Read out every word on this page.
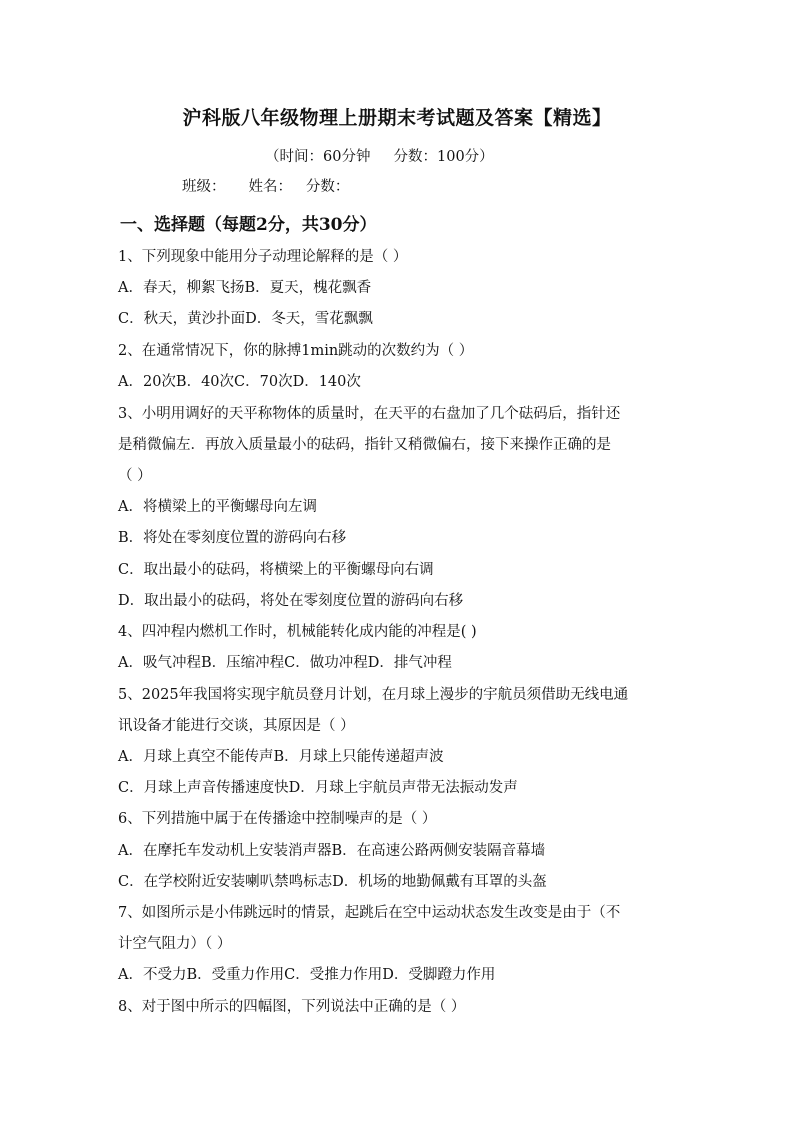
沪科版八年级物理上册期末考试题及答案【精选】
（时间：60分钟     分数：100分）
班级：     姓名：   分数：
一、选择题（每题2分，共30分）
1、下列现象中能用分子动理论解释的是（ ）
A．春天，柳絮飞扬B．夏天，槐花飘香
C．秋天，黄沙扑面D．冬天，雪花飘飘
2、在通常情况下，你的脉搏1min跳动的次数约为（ ）
A．20次B．40次C．70次D．140次
3、小明用调好的天平称物体的质量时，在天平的右盘加了几个砝码后，指针还
是稍微偏左．再放入质量最小的砝码，指针又稍微偏右，接下来操作正确的是
（ ）
A．将横梁上的平衡螺母向左调
B．将处在零刻度位置的游码向右移
C．取出最小的砝码，将横梁上的平衡螺母向右调
D．取出最小的砝码，将处在零刻度位置的游码向右移
4、四冲程内燃机工作时，机械能转化成内能的冲程是( )
A．吸气冲程B．压缩冲程C．做功冲程D．排气冲程
5、2025年我国将实现宇航员登月计划，在月球上漫步的宇航员须借助无线电通
讯设备才能进行交谈，其原因是（ ）
A．月球上真空不能传声B．月球上只能传递超声波
C．月球上声音传播速度快D．月球上宇航员声带无法振动发声
6、下列措施中属于在传播途中控制噪声的是（ ）
A．在摩托车发动机上安装消声器B．在高速公路两侧安装隔音幕墙
C．在学校附近安装喇叭禁鸣标志D．机场的地勤佩戴有耳罩的头盔
7、如图所示是小伟跳远时的情景，起跳后在空中运动状态发生改变是由于（不
计空气阻力）（ ）
A．不受力B．受重力作用C．受推力作用D．受脚蹬力作用
8、对于图中所示的四幅图，下列说法中正确的是（ ）
